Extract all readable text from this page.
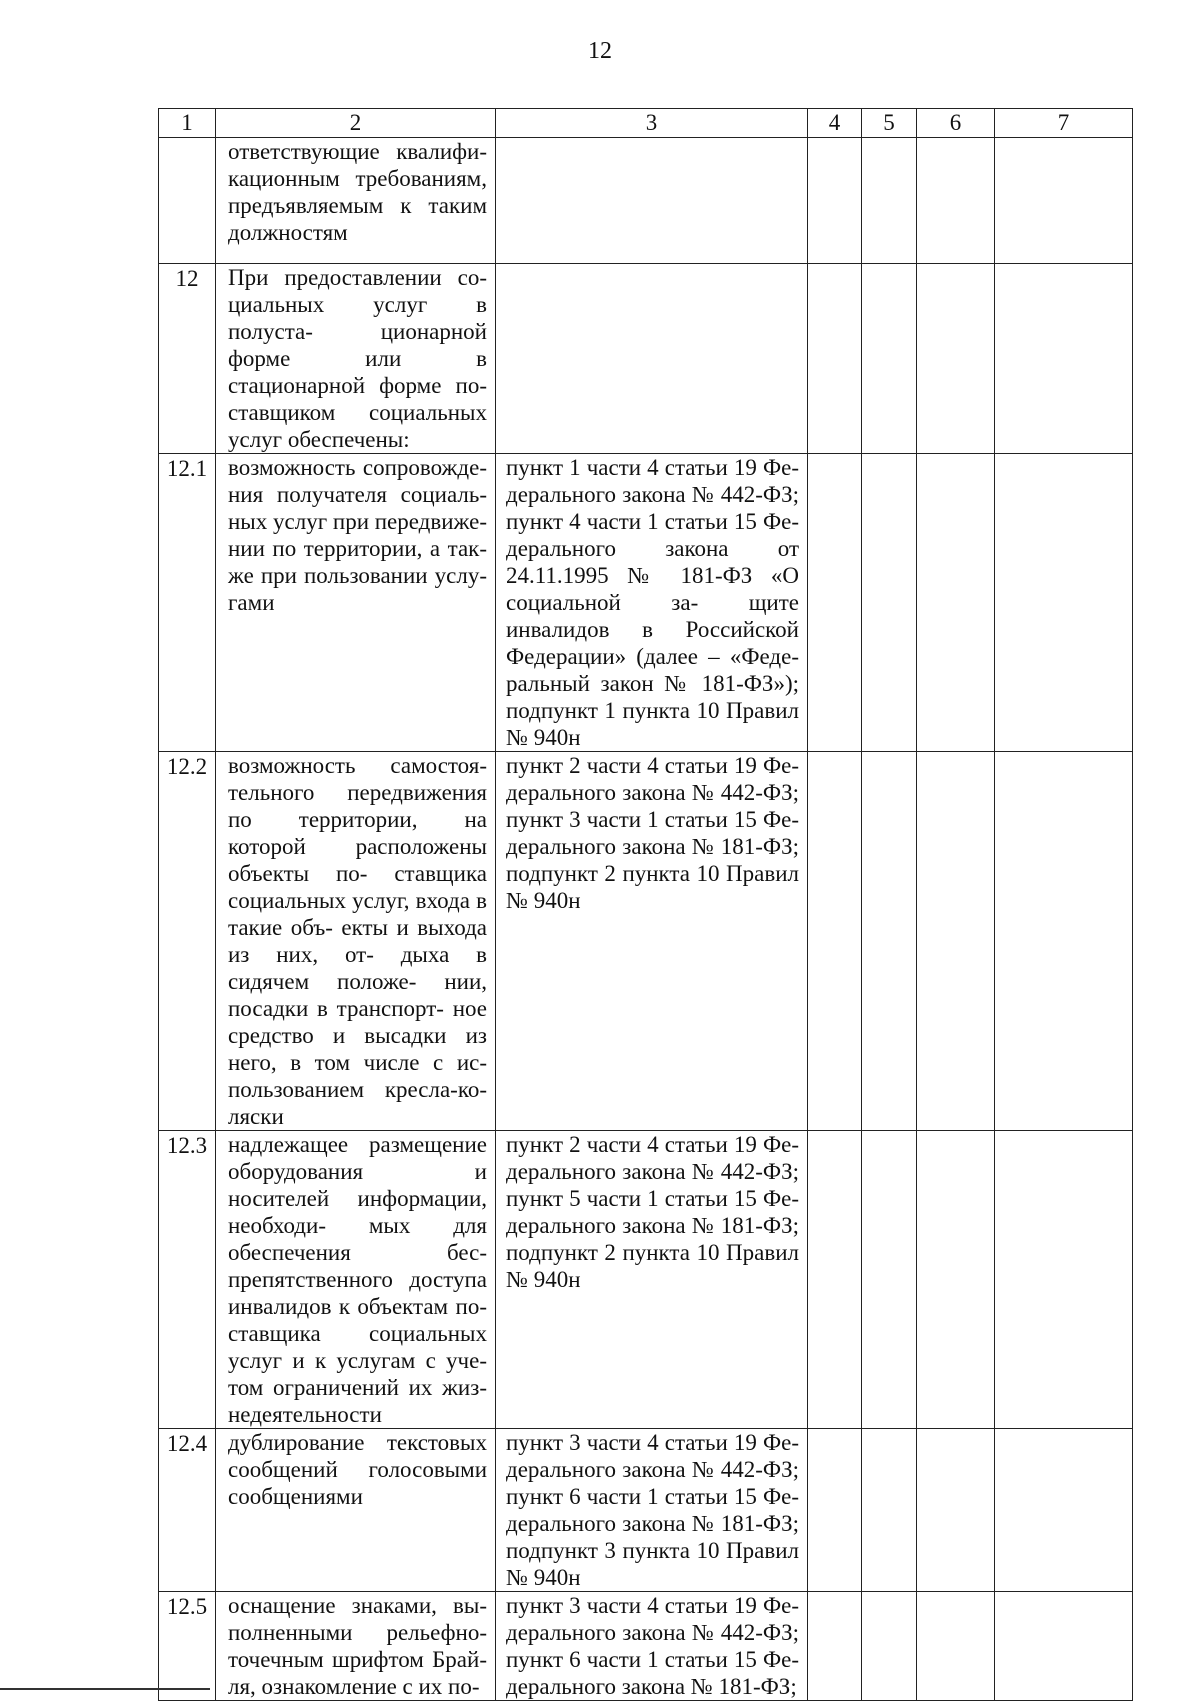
12
1	2	3	4	5	6	7
	ответствующие квалифи- кационным требованиям, предъявляемым к таким должностям					
12	При предоставлении со- циальных услуг в полуста- ционарной форме или в стационарной форме по- ставщиком социальных услуг обеспечены:					
12.1	возможность сопровожде- ния получателя социаль- ных услуг при передвиже- нии по территории, а так- же при пользовании услу- гами	пункт 1 части 4 статьи 19 Фе- дерального закона № 442-ФЗ; пункт 4 части 1 статьи 15 Фе- дерального закона от 24.11.1995 № 181-ФЗ «О социальной за- щите инвалидов в Российской Федерации» (далее – «Феде- ральный закон № 181-ФЗ»); подпункт 1 пункта 10 Правил № 940н				
12.2	возможность самостоя- тельного передвижения по территории, на которой расположены объекты по- ставщика социальных услуг, входа в такие объ- екты и выхода из них, от- дыха в сидячем положе- нии, посадки в транспорт- ное средство и высадки из него, в том числе с ис- пользованием кресла-ко- ляски	пункт 2 части 4 статьи 19 Фе- дерального закона № 442-ФЗ; пункт 3 части 1 статьи 15 Фе- дерального закона № 181-ФЗ; подпункт 2 пункта 10 Правил № 940н				
12.3	надлежащее размещение оборудования и носителей информации, необходи- мых для обеспечения бес- препятственного доступа инвалидов к объектам по- ставщика социальных услуг и к услугам с уче- том ограничений их жиз- недеятельности	пункт 2 части 4 статьи 19 Фе- дерального закона № 442-ФЗ; пункт 5 части 1 статьи 15 Фе- дерального закона № 181-ФЗ; подпункт 2 пункта 10 Правил № 940н				
12.4	дублирование текстовых сообщений голосовыми сообщениями	пункт 3 части 4 статьи 19 Фе- дерального закона № 442-ФЗ; пункт 6 части 1 статьи 15 Фе- дерального закона № 181-ФЗ; подпункт 3 пункта 10 Правил № 940н				
12.5	оснащение знаками, вы- полненными рельефно- точечным шрифтом Брай- ля, ознакомление с их по-	пункт 3 части 4 статьи 19 Фе- дерального закона № 442-ФЗ; пункт 6 части 1 статьи 15 Фе- дерального закона № 181-ФЗ;				
